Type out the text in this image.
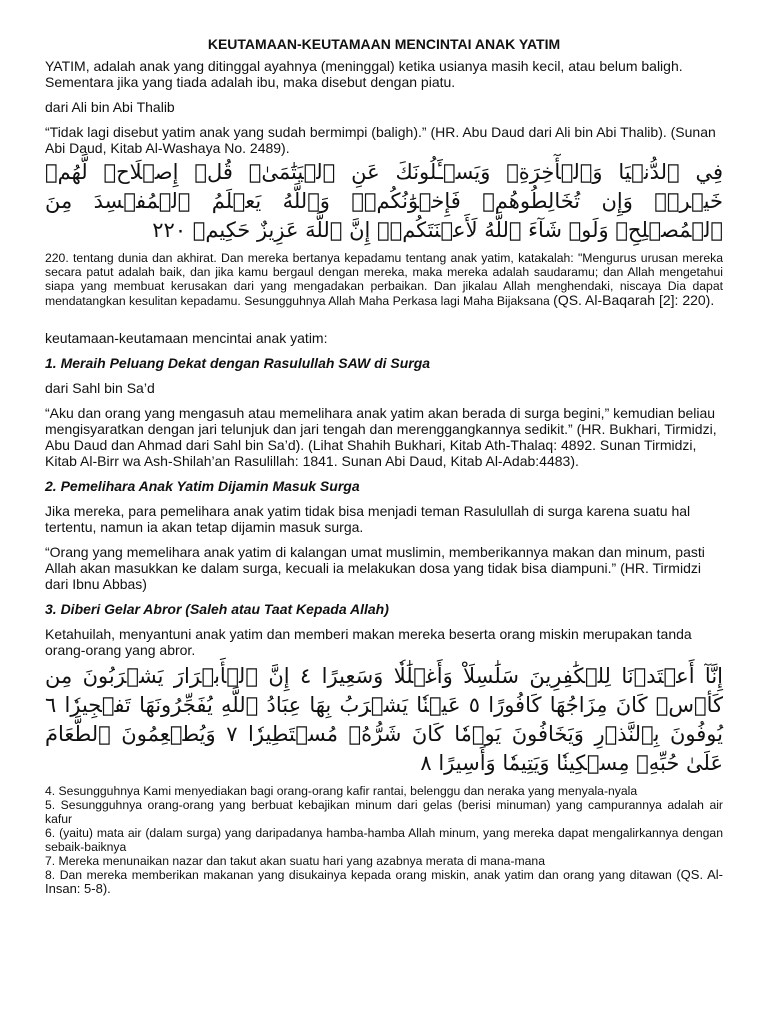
KEUTAMAAN-KEUTAMAAN MENCINTAI ANAK YATIM

YATIM, adalah anak yang ditinggal ayahnya (meninggal) ketika usianya masih kecil, atau belum baligh. Sementara jika yang tiada adalah ibu, maka disebut dengan piatu.

dari Ali bin Abi Thalib

“Tidak lagi disebut yatim anak yang sudah bermimpi (baligh).” (HR. Abu Daud dari Ali bin Abi Thalib). (Sunan Abi Daud, Kitab Al-Washaya No. 2489).

فِي ٱلدُّنۡيَا وَٱلۡأٓخِرَةِۗ وَيَسۡـَٔلُونَكَ عَنِ ٱلۡيَتَٰمَىٰۖ قُلۡ إِصۡلَاحٞ لَّهُمۡ خَيۡرٞۖ وَإِن تُخَالِطُوهُمۡ فَإِخۡوَٰنُكُمۡۚ وَٱللَّهُ يَعۡلَمُ ٱلۡمُفۡسِدَ مِنَ ٱلۡمُصۡلِحِۚ وَلَوۡ شَآءَ ٱللَّهُ لَأَعۡنَتَكُمۡۚ إِنَّ ٱللَّهَ عَزِيزٌ حَكِيمٞ ٢٢٠

220. tentang dunia dan akhirat. Dan mereka bertanya kepadamu tentang anak yatim, katakalah: "Mengurus urusan mereka secara patut adalah baik, dan jika kamu bergaul dengan mereka, maka mereka adalah saudaramu; dan Allah mengetahui siapa yang membuat kerusakan dari yang mengadakan perbaikan. Dan jikalau Allah menghendaki, niscaya Dia dapat mendatangkan kesulitan kepadamu. Sesungguhnya Allah Maha Perkasa lagi Maha Bijaksana (QS. Al-Baqarah [2]: 220).

keutamaan-keutamaan mencintai anak yatim:

1. Meraih Peluang Dekat dengan Rasulullah SAW di Surga

dari Sahl bin Sa’d

“Aku dan orang yang mengasuh atau memelihara anak yatim akan berada di surga begini,” kemudian beliau mengisyaratkan dengan jari telunjuk dan jari tengah dan merenggangkannya sedikit.” (HR. Bukhari, Tirmidzi, Abu Daud dan Ahmad dari Sahl bin Sa’d). (Lihat Shahih Bukhari, Kitab Ath-Thalaq: 4892. Sunan Tirmidzi, Kitab Al-Birr wa Ash-Shilah’an Rasulillah: 1841. Sunan Abi Daud, Kitab Al-Adab:4483).

2. Pemelihara Anak Yatim Dijamin Masuk Surga

Jika mereka, para pemelihara anak yatim tidak bisa menjadi teman Rasulullah di surga karena suatu hal tertentu, namun ia akan tetap dijamin masuk surga.

“Orang yang memelihara anak yatim di kalangan umat muslimin, memberikannya makan dan minum, pasti Allah akan masukkan ke dalam surga, kecuali ia melakukan dosa yang tidak bisa diampuni.” (HR. Tirmidzi dari Ibnu Abbas)

3. Diberi Gelar Abror (Saleh atau Taat Kepada Allah)

Ketahuilah, menyantuni anak yatim dan memberi makan mereka beserta orang miskin merupakan tanda orang-orang yang abror.

إِنَّآ أَعۡتَدۡنَا لِلۡكَٰفِرِينَ سَلَٰسِلَاْ وَأَغۡلَٰلٗا وَسَعِيرًا ٤ إِنَّ ٱلۡأَبۡرَارَ يَشۡرَبُونَ مِن كَأۡسٖ كَانَ مِزَاجُهَا كَافُورًا ٥ عَيۡنٗا يَشۡرَبُ بِهَا عِبَادُ ٱللَّهِ يُفَجِّرُونَهَا تَفۡجِيرٗا ٦ يُوفُونَ بِٱلنَّذۡرِ وَيَخَافُونَ يَوۡمٗا كَانَ شَرُّهُۥ مُسۡتَطِيرٗا ٧ وَيُطۡعِمُونَ ٱلطَّعَامَ عَلَىٰ حُبِّهِۦ مِسۡكِينٗا وَيَتِيمٗا وَأَسِيرًا ٨

4. Sesungguhnya Kami menyediakan bagi orang-orang kafir rantai, belenggu dan neraka yang menyala-nyala

5. Sesungguhnya orang-orang yang berbuat kebajikan minum dari gelas (berisi minuman) yang campurannya adalah air kafur

6. (yaitu) mata air (dalam surga) yang daripadanya hamba-hamba Allah minum, yang mereka dapat mengalirkannya dengan sebaik-baiknya

7. Mereka menunaikan nazar dan takut akan suatu hari yang azabnya merata di mana-mana

8. Dan mereka memberikan makanan yang disukainya kepada orang miskin, anak yatim dan orang yang ditawan (QS. Al-Insan: 5-8).
